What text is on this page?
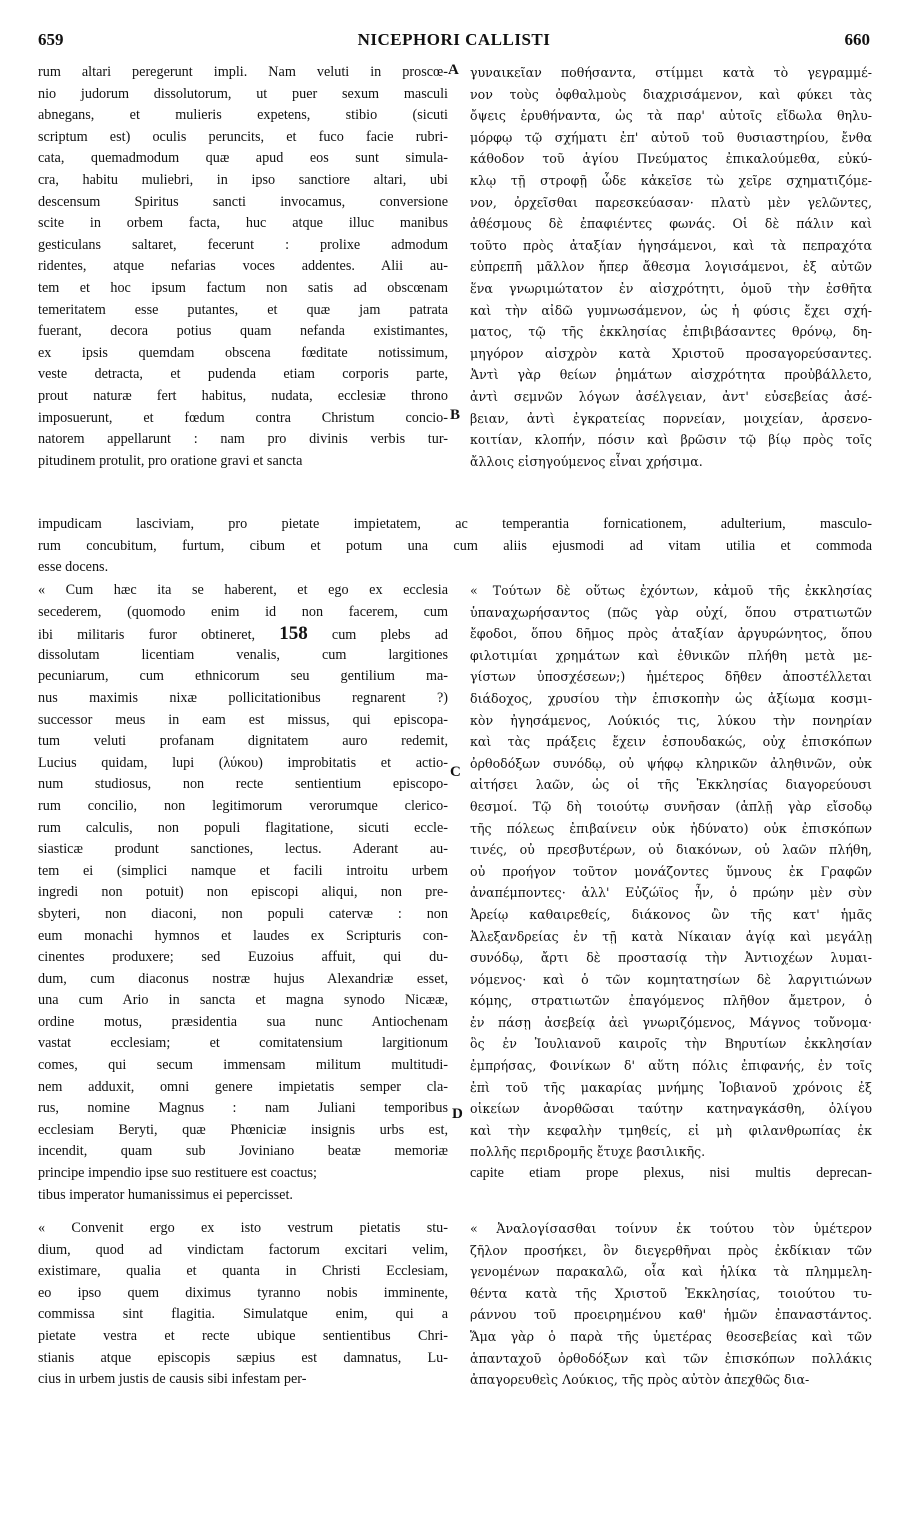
659	NICEPHORI CALLISTI	660
A
B
C
D
rum altari peregerunt impli. Nam veluti in proscœ-
nio judorum dissolutorum, ut puer sexum masculi
abnegans, et mulieris expetens, stibio (sicuti
scriptum est) oculis peruncits, et fuco facie rubri-
cata, quemadmodum quæ apud eos sunt simula-
cra, habitu muliebri, in ipso sanctiore altari, ubi
descensum Spiritus sancti invocamus, conversione
scite in orbem facta, huc atque illuc manibus
gesticulans saltaret, fecerunt : prolixe admodum
ridentes, atque nefarias voces addentes. Alii au-
tem et hoc ipsum factum non satis ad obscœnam
temeritatem esse putantes, et quæ jam patrata
fuerant, decora potius quam nefanda existimantes,
ex ipsis quemdam obscena fœditate notissimum,
veste detracta, et pudenda etiam corporis parte,
prout naturæ fert habitus, nudata, ecclesiæ throno
imposuerunt, et fœdum contra Christum concio-
natorem appellarunt : nam pro divinis verbis tur-
pitudinem protulit, pro oratione gravi et sancta
γυναικεῖαν ποθήσαντα, στίμμει κατὰ τὸ γεγραμμέ-
νον τοὺς ὀφθαλμοὺς διαχρισάμενον, καὶ φύκει τὰς
ὄψεις ἐρυθήναντα, ὡς τὰ παρ' αὐτοῖς εἴδωλα θηλυ-
μόρφῳ τῷ σχήματι ἐπ' αὐτοῦ τοῦ θυσιαστηρίου, ἔνθα
κάθοδον τοῦ ἁγίου Πνεύματος ἐπικαλούμεθα, εὐκύ-
κλῳ τῇ στροφῇ ὧδε κἀκεῖσε τὼ χεῖρε σχηματιζόμε-
νον, ὀρχεῖσθαι παρεσκεύασαν· πλατὺ μὲν γελῶντες,
ἀθέσμους δὲ ἐπαφιέντες φωνάς. Οἱ δὲ πάλιν καὶ
τοῦτο πρὸς ἀταξίαν ἡγησάμενοι, καὶ τὰ πεπραχότα
εὐπρεπῆ μᾶλλον ἤπερ ἄθεσμα λογισάμενοι, ἐξ αὐτῶν
ἕνα γνωριμώτατον ἐν αἰσχρότητι, ὁμοῦ τὴν ἐσθῆτα
καὶ τὴν αἰδῶ γυμνωσάμενον, ὡς ἡ φύσις ἔχει σχή-
ματος, τῷ τῆς ἐκκλησίας ἐπιβιβάσαντες θρόνῳ, δη-
μηγόρον αἰσχρὸν κατὰ Χριστοῦ προσαγορεύσαντες.
Ἀντὶ γὰρ θείων ῥημάτων αἰσχρότητα προὐβάλλετο,
ἀντὶ σεμνῶν λόγων ἀσέλγειαν, ἀντ' εὐσεβείας ἀσέ-
βειαν, ἀντὶ ἐγκρατείας πορνείαν, μοιχείαν, ἀρσενο-
κοιτίαν, κλοπήν, πόσιν καὶ βρῶσιν τῷ βίῳ πρὸς τοῖς
ἄλλοις εἰσηγούμενος εἶναι χρήσιμα.
impudicam lasciviam, pro pietate impietatem, ac temperantia fornicationem, adulterium, masculo-
rum concubitum, furtum, cibum et potum una cum aliis ejusmodi ad vitam utilia et commoda
esse docens.
« Cum hæc ita se haberent, et ego ex ecclesia
secederem, (quomodo enim id non facerem, cum
ibi militaris furor obtineret, 158 cum plebs ad
dissolutam licentiam venalis, cum largitiones
pecuniarum, cum ethnicorum seu gentilium ma-
nus maximis nixæ pollicitationibus regnarent ?)
successor meus in eam est missus, qui episcopa-
tum veluti profanam dignitatem auro redemit,
Lucius quidam, lupi (λύκου) improbitatis et actio-
num studiosus, non recte sentientium episcopo-
rum concilio, non legitimorum verorumque clerico-
rum calculis, non populi flagitatione, sicuti eccle-
siasticæ produnt sanctiones, lectus. Aderant au-
tem ei (simplici namque et facili introitu urbem
ingredi non potuit) non episcopi aliqui, non pre-
sbyteri, non diaconi, non populi catervæ : non
eum monachi hymnos et laudes ex Scripturis con-
cinentes produxere; sed Euzoius affuit, qui du-
dum, cum diaconus nostræ hujus Alexandriæ esset,
una cum Ario in sancta et magna synodo Nicææ,
ordine motus, præsidentia sua nunc Antiochenam
vastat ecclesiam; et comitatensium largitionum
comes, qui secum immensam militum multitudi-
nem adduxit, omni genere impietatis semper cla-
rus, nomine Magnus : nam Juliani temporibus
ecclesiam Beryti, quæ Phœniciæ insignis urbs est,
incendit, quam sub Joviniano beatæ memoriæ
principe impendio ipse suo restituere est coactus;
« Τούτων δὲ οὕτως ἐχόντων, κἀμοῦ τῆς ἐκκλησίας
ὑπαναχωρήσαντος (πῶς γὰρ οὐχί, ὅπου στρατιωτῶν
ἔφοδοι, ὅπου δῆμος πρὸς ἀταξίαν ἀργυρώνητος, ὅπου
φιλοτιμίαι χρημάτων καὶ ἐθνικῶν πλήθη μετὰ με-
γίστων ὑποσχέσεων;) ἡμέτερος δῆθεν ἀποστέλλεται
διάδοχος, χρυσίου τὴν ἐπισκοπὴν ὡς ἀξίωμα κοσμι-
κὸν ἠγησάμενος, Λούκιός τις, λύκου τὴν πονηρίαν
καὶ τὰς πράξεις ἔχειν ἐσπουδακώς, οὐχ ἐπισκόπων
ὀρθοδόξων συνόδῳ, οὐ ψήφῳ κληρικῶν ἀληθινῶν, οὐκ
αἰτήσει λαῶν, ὡς οἱ τῆς Ἐκκλησίας διαγορεύουσι
θεσμοί. Τῷ δὴ τοιούτῳ συνῆσαν (ἁπλῇ γὰρ εἴσοδῳ
τῆς πόλεως ἐπιβαίνειν οὐκ ἠδύνατο) οὐκ ἐπισκόπων
τινές, οὐ πρεσβυτέρων, οὐ διακόνων, οὐ λαῶν πλήθη,
οὐ προήγον τοῦτον μονάζοντες ὕμνους ἐκ Γραφῶν
ἀναπέμποντες· ἀλλ' Εὐζώϊος ἦν, ὁ πρώην μὲν σὺν
Ἀρείῳ καθαιρεθείς, διάκονος ὢν τῆς κατ' ἡμᾶς
Ἀλεξανδρείας ἐν τῇ κατὰ Νίκαιαν ἁγίᾳ καὶ μεγάλῃ
συνόδῳ, ἄρτι δὲ προστασίᾳ τὴν Ἀντιοχέων λυμαι-
νόμενος· καὶ ὁ τῶν κομητατησίων δὲ λαργιτιώνων
κόμης, στρατιωτῶν ἐπαγόμενος πλῆθον ἄμετρον, ὁ
ἐν πάσῃ ἀσεβείᾳ ἀεὶ γνωριζόμενος, Μάγνος τοὔνομα·
ὃς ἐν Ἰουλιανοῦ καιροῖς τὴν Βηρυτίων ἐκκλησίαν
ἐμπρήσας, Φοινίκων δ' αὕτη πόλις ἐπιφανής, ἐν τοῖς
ἐπὶ τοῦ τῆς μακαρίας μνήμης Ἰοβιανοῦ χρόνοις ἐξ
οἰκείων ἀνορθῶσαι ταύτην κατηναγκάσθη, ὀλίγου
καὶ τὴν κεφαλὴν τμηθείς, εἰ μὴ φιλανθρωπίας ἐκ
πολλῆς περιδρομῆς ἔτυχε βασιλικῆς.
capite etiam prope plexus, nisi multis deprecan-
tibus imperator humanissimus ei pepercisset.
« Convenit ergo ex isto vestrum pietatis stu-
dium, quod ad vindictam factorum excitari velim,
existimare, qualia et quanta in Christi Ecclesiam,
eo ipso quem diximus tyranno nobis imminente,
commissa sint flagitia. Simulatque enim, qui a
pietate vestra et recte ubique sentientibus Chri-
stianis atque episcopis sæpius est damnatus, Lu-
cius in urbem justis de causis sibi infestam per-
« Ἀναλογίσασθαι τοίνυν ἐκ τούτου τὸν ὑμέτερον
ζῆλον προσήκει, ὃν διεγερθῆναι πρὸς ἐκδίκιαν τῶν
γενομένων παρακαλῶ, οἷα καὶ ἡλίκα τὰ πλημμελη-
θέντα κατὰ τῆς Χριστοῦ Ἐκκλησίας, τοιούτου τυ-
ράννου τοῦ προειρημένου καθ' ἡμῶν ἐπαναστάντος.
Ἅμα γὰρ ὁ παρὰ τῆς ὑμετέρας θεοσεβείας καὶ τῶν
ἁπανταχοῦ ὀρθοδόξων καὶ τῶν ἐπισκόπων πολλάκις
ἀπαγορευθεὶς Λούκιος, τῆς πρὸς αὐτὸν ἀπεχθῶς δια-
